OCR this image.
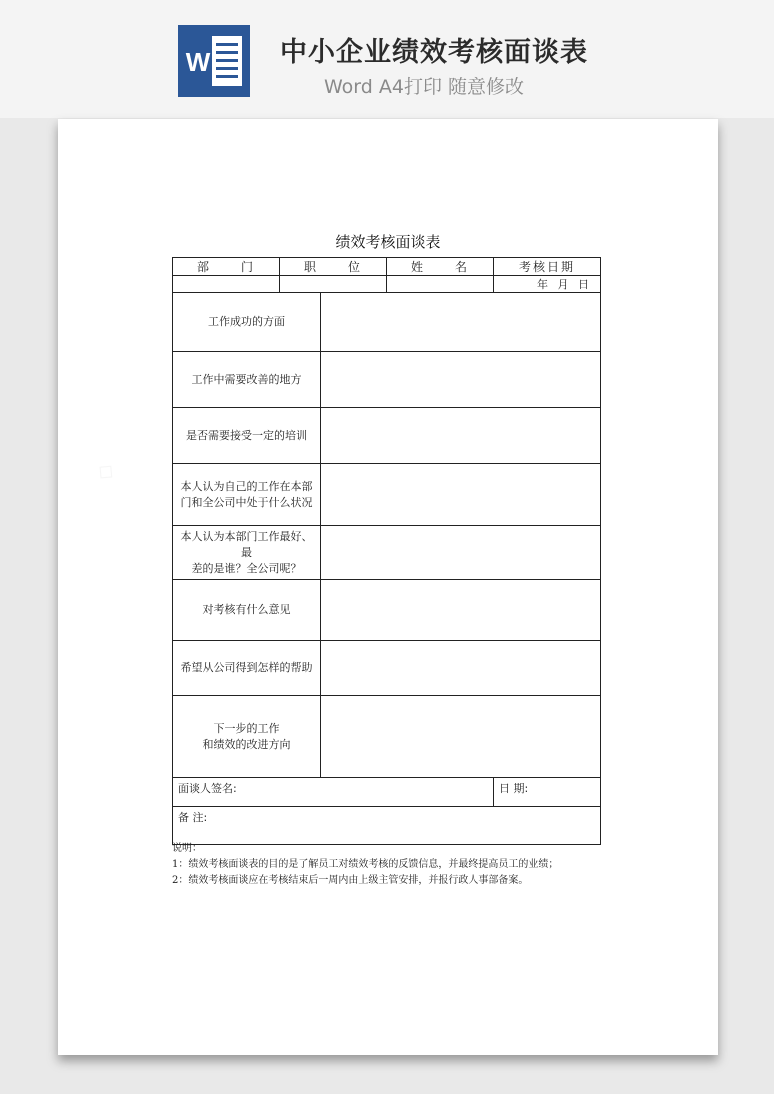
W	中小企业绩效考核面谈表
Word A4打印 随意修改
绩效考核面谈表
部 门	职 位		姓 名	考核日期
				年 月 日

工作成功的方面				

工作中需要改善的地方				

是否需要接受一定的培训				

本人认为自己的工作在本部
门和全公司中处于什么状况				

本人认为本部门工作最好、最
差的是谁？全公司呢？				

对考核有什么意见				

希望从公司得到怎样的帮助				

下一步的工作
和绩效的改进方向				

面谈人签名:				日 期:
备 注:				
说明：
1：绩效考核面谈表的目的是了解员工对绩效考核的反馈信息，并最终提高员工的业绩；
2：绩效考核面谈应在考核结束后一周内由上级主管安排，并报行政人事部备案。
